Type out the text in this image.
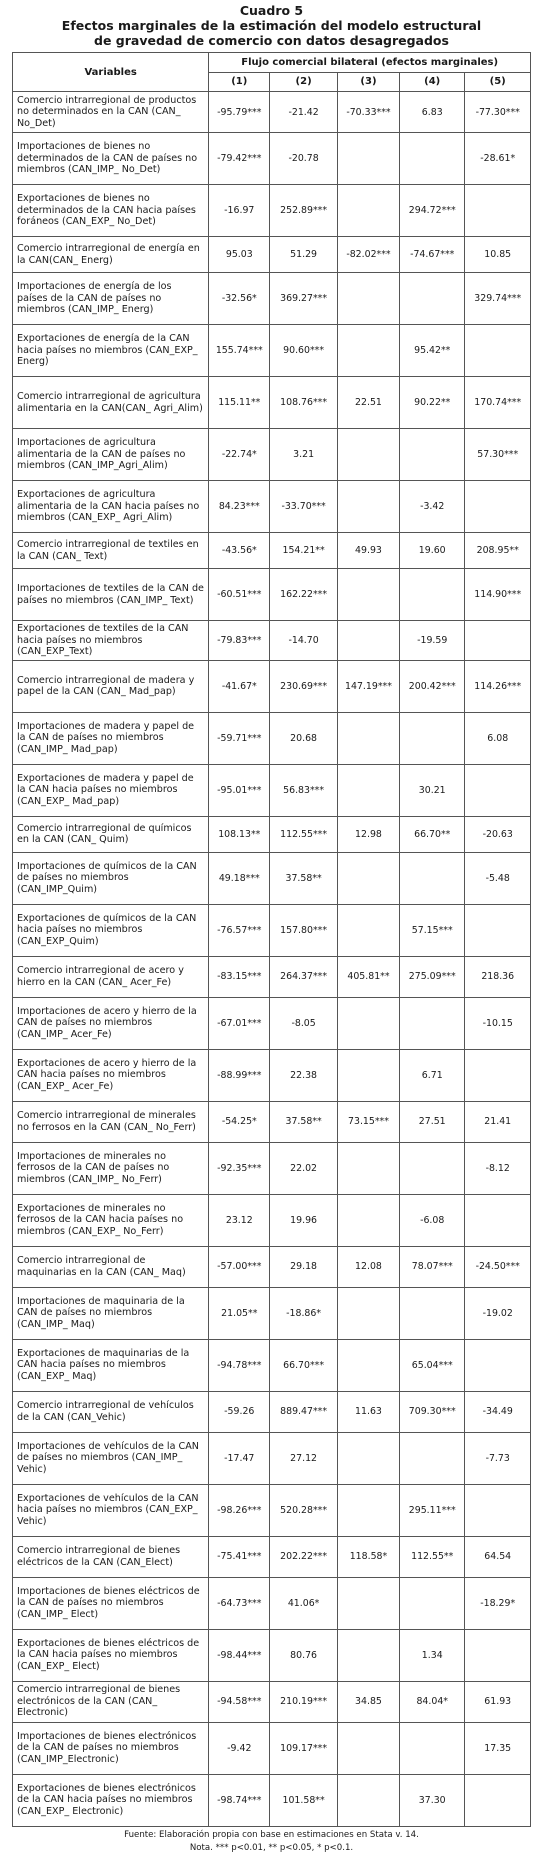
Cuadro 5
Efectos marginales de la estimación del modelo estructural
de gravedad de comercio con datos desagregados
Variables	Flujo comercial bilateral (efectos marginales)				
	(1)	(2)	(3)	(4)	(5)
Comercio intrarregional de productos no determinados en la CAN (CAN_ No_Det)	-95.79***	-21.42	-70.33***	6.83	-77.30***
Importaciones de bienes no determinados de la CAN de países no miembros (CAN_IMP_ No_Det)	-79.42***	-20.78			-28.61*
Exportaciones de bienes no determinados de la CAN hacia países foráneos (CAN_EXP_ No_Det)	-16.97	252.89***		294.72***	
Comercio intrarregional de energía en la CAN(CAN_ Energ)	95.03	51.29	-82.02***	-74.67***	10.85
Importaciones de energía de los países de la CAN de países no miembros (CAN_IMP_ Energ)	-32.56*	369.27***			329.74***
Exportaciones de energía de la CAN hacia países no miembros (CAN_EXP_ Energ)	155.74***	90.60***		95.42**	
Comercio intrarregional de agricultura alimentaria en la CAN(CAN_ Agri_Alim)	115.11**	108.76***	22.51	90.22**	170.74***
Importaciones de agricultura alimentaria de la CAN de países no miembros (CAN_IMP_Agri_Alim)	-22.74*	3.21			57.30***
Exportaciones de agricultura alimentaria de la CAN hacia países no miembros (CAN_EXP_ Agri_Alim)	84.23***	-33.70***		-3.42	
Comercio intrarregional de textiles en la CAN (CAN_ Text)	-43.56*	154.21**	49.93	19.60	208.95**
Importaciones de textiles de la CAN de países no miembros (CAN_IMP_ Text)	-60.51***	162.22***			114.90***
Exportaciones de textiles de la CAN hacia países no miembros (CAN_EXP_Text)	-79.83***	-14.70		-19.59	
Comercio intrarregional de madera y papel de la CAN (CAN_ Mad_pap)	-41.67*	230.69***	147.19***	200.42***	114.26***
Importaciones de madera y papel de la CAN de países no miembros (CAN_IMP_ Mad_pap)	-59.71***	20.68			6.08
Exportaciones de madera y papel de la CAN hacia países no miembros (CAN_EXP_ Mad_pap)	-95.01***	56.83***		30.21	
Comercio intrarregional de químicos en la CAN (CAN_ Quim)	108.13**	112.55***	12.98	66.70**	-20.63
Importaciones de químicos de la CAN de países no miembros (CAN_IMP_Quim)	49.18***	37.58**			-5.48
Exportaciones de químicos de la CAN hacia países no miembros (CAN_EXP_Quim)	-76.57***	157.80***		57.15***	
Comercio intrarregional de acero y hierro en la CAN (CAN_ Acer_Fe)	-83.15***	264.37***	405.81**	275.09***	218.36
Importaciones de acero y hierro de la CAN de países no miembros (CAN_IMP_ Acer_Fe)	-67.01***	-8.05			-10.15
Exportaciones de acero y hierro de la CAN hacia países no miembros (CAN_EXP_ Acer_Fe)	-88.99***	22.38		6.71	
Comercio intrarregional de minerales no ferrosos en la CAN (CAN_ No_Ferr)	-54.25*	37.58**	73.15***	27.51	21.41
Importaciones de minerales no ferrosos de la CAN de países no miembros (CAN_IMP_ No_Ferr)	-92.35***	22.02			-8.12
Exportaciones de minerales no ferrosos de la CAN hacia países no miembros (CAN_EXP_ No_Ferr)	23.12	19.96		-6.08	
Comercio intrarregional de maquinarias en la CAN (CAN_ Maq)	-57.00***	29.18	12.08	78.07***	-24.50***
Importaciones de maquinaria de la CAN de países no miembros (CAN_IMP_ Maq)	21.05**	-18.86*			-19.02
Exportaciones de maquinarias de la CAN hacia países no miembros (CAN_EXP_ Maq)	-94.78***	66.70***		65.04***	
Comercio intrarregional de vehículos de la CAN (CAN_Vehic)	-59.26	889.47***	11.63	709.30***	-34.49
Importaciones de vehículos de la CAN de países no miembros (CAN_IMP_ Vehic)	-17.47	27.12			-7.73
Exportaciones de vehículos de la CAN hacia países no miembros (CAN_EXP_ Vehic)	-98.26***	520.28***		295.11***	
Comercio intrarregional de bienes eléctricos de la CAN (CAN_Elect)	-75.41***	202.22***	118.58*	112.55**	64.54
Importaciones de bienes eléctricos de la CAN de países no miembros (CAN_IMP_ Elect)	-64.73***	41.06*			-18.29*
Exportaciones de bienes eléctricos de la CAN hacia países no miembros (CAN_EXP_ Elect)	-98.44***	80.76		1.34	
Comercio intrarregional de bienes electrónicos de la CAN (CAN_ Electronic)	-94.58***	210.19***	34.85	84.04*	61.93
Importaciones de bienes electrónicos de la CAN de países no miembros (CAN_IMP_Electronic)	-9.42	109.17***			17.35
Exportaciones de bienes electrónicos de la CAN hacia países no miembros (CAN_EXP_ Electronic)	-98.74***	101.58**		37.30	
Fuente: Elaboración propia con base en estimaciones en Stata v. 14.
Nota. *** p<0.01, ** p<0.05, * p<0.1.
